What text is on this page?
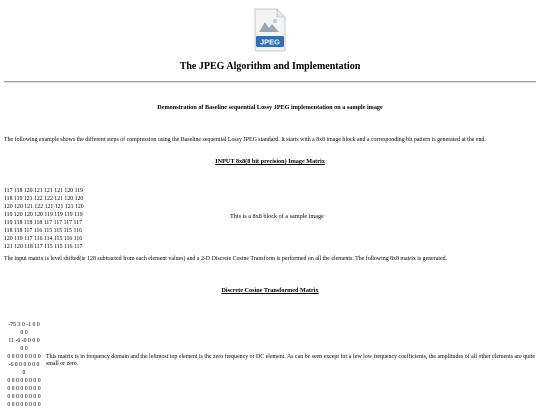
JPEG
The JPEG Algorithm and Implementation
Demonstration of Baseline sequential Lossy JPEG implementation on a sample image
The following example shows the different steps of compression using the Baseline sequential Lossy JPEG standard. It starts with a 8x8 image block and a corresponding bit pattern is generated at the end.
INPUT 8x8(8 bit precision) Image Matrix
117 118 120 121 121 121 120 119
118 119 121 122 122 121 120 120
120 120 121 122 121 121 121 120
119 120 120 120 119 119 119 119
119 118 118 118 117 117 117 117
118 118 117 116 115 115 115 116
120 119 117 116 114 115 116 116
121 120 118 117 115 115 116 117
This is a 8x8 block of a sample image
The input matrix is level shifted(ie 128 subtracted from each element values) and a 2-D Discrete Cosine Transform is performed on all the elements. The following 8x8 matrix is generated.
Discrete Cosine Transformed Matrix
-75 3 0 -1 0 0
0 0
11 -6 -0 0 0 0
0 0
0 0 0 0 0 0 0 0
-6 0 0 0 0 0 0
0
0 0 0 0 0 0 0 0
0 0 0 0 0 0 0 0
0 0 0 0 0 0 0 0
0 0 0 0 0 0 0 0
This matrix is in frequency domain and the leftmost top element is the zero frequency or DC element. As can be seen except for a few low frequency coefficients, the amplitudes of all other elements are quite small or zero.
